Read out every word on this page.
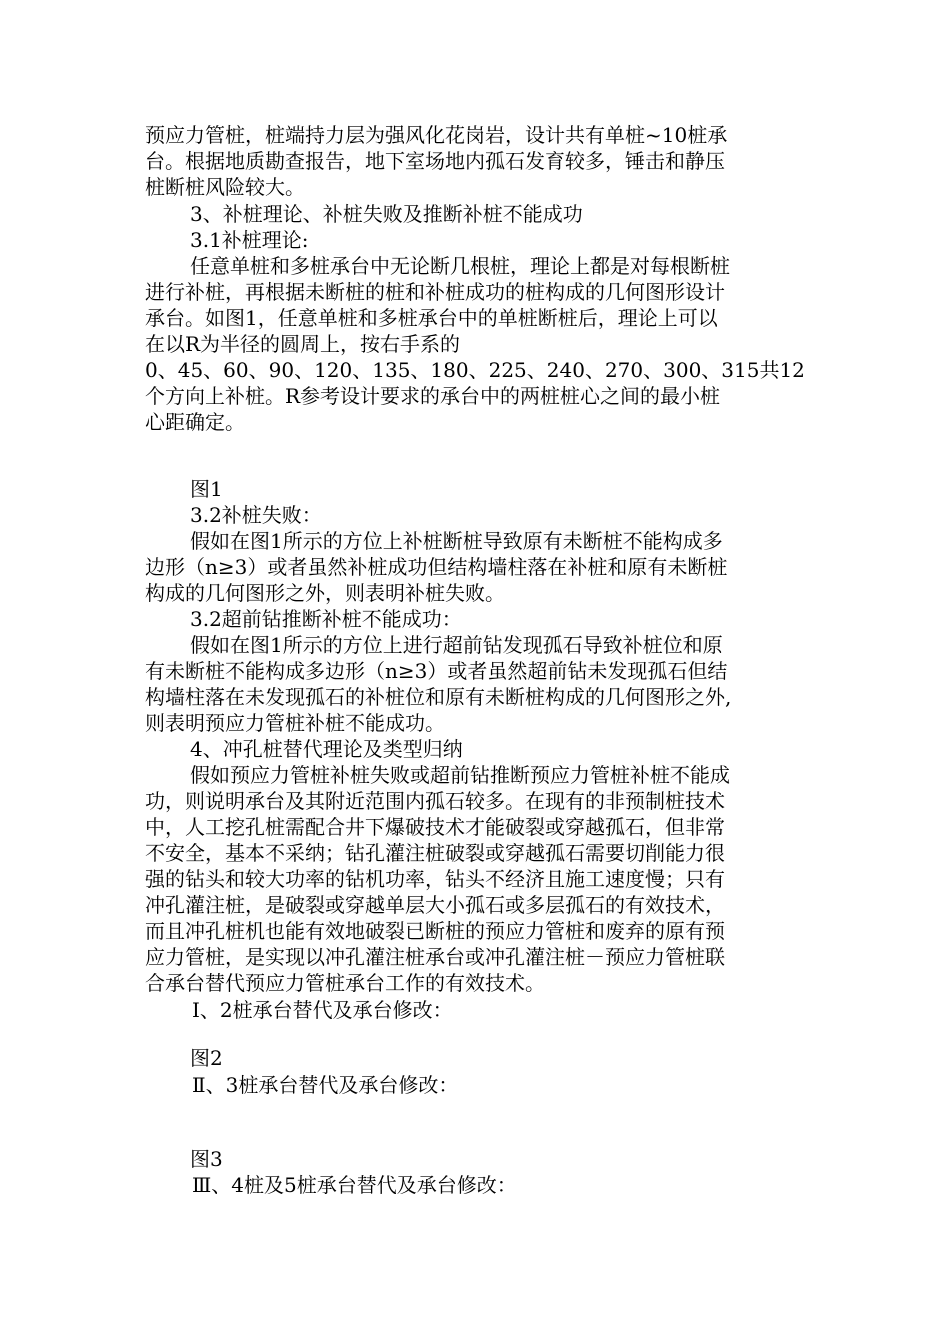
预应力管桩，桩端持力层为强风化花岗岩，设计共有单桩~10桩承
台。根据地质勘查报告，地下室场地内孤石发育较多，锤击和静压
桩断桩风险较大。
3、补桩理论、补桩失败及推断补桩不能成功
3.1补桩理论:
任意单桩和多桩承台中无论断几根桩，理论上都是对每根断桩
进行补桩，再根据未断桩的桩和补桩成功的桩构成的几何图形设计
承台。如图1，任意单桩和多桩承台中的单桩断桩后，理论上可以
在以R为半径的圆周上，按右手系的
0、45、60、90、120、135、180、225、240、270、300、315共12
个方向上补桩。R参考设计要求的承台中的两桩桩心之间的最小桩
心距确定。
图1
3.2补桩失败：
假如在图1所示的方位上补桩断桩导致原有未断桩不能构成多
边形（n≥3）或者虽然补桩成功但结构墙柱落在补桩和原有未断桩
构成的几何图形之外，则表明补桩失败。
3.2超前钻推断补桩不能成功：
假如在图1所示的方位上进行超前钻发现孤石导致补桩位和原
有未断桩不能构成多边形（n≥3）或者虽然超前钻未发现孤石但结
构墙柱落在未发现孤石的补桩位和原有未断桩构成的几何图形之外,
则表明预应力管桩补桩不能成功。
4、冲孔桩替代理论及类型归纳
假如预应力管桩补桩失败或超前钻推断预应力管桩补桩不能成
功，则说明承台及其附近范围内孤石较多。在现有的非预制桩技术
中，人工挖孔桩需配合井下爆破技术才能破裂或穿越孤石，但非常
不安全，基本不采纳；钻孔灌注桩破裂或穿越孤石需要切削能力很
强的钻头和较大功率的钻机功率，钻头不经济且施工速度慢；只有
冲孔灌注桩，是破裂或穿越单层大小孤石或多层孤石的有效技术，
而且冲孔桩机也能有效地破裂已断桩的预应力管桩和废弃的原有预
应力管桩，是实现以冲孔灌注桩承台或冲孔灌注桩－预应力管桩联
合承台替代预应力管桩承台工作的有效技术。
Ⅰ、2桩承台替代及承台修改：
图2
Ⅱ、3桩承台替代及承台修改：
图3
Ⅲ、4桩及5桩承台替代及承台修改：
